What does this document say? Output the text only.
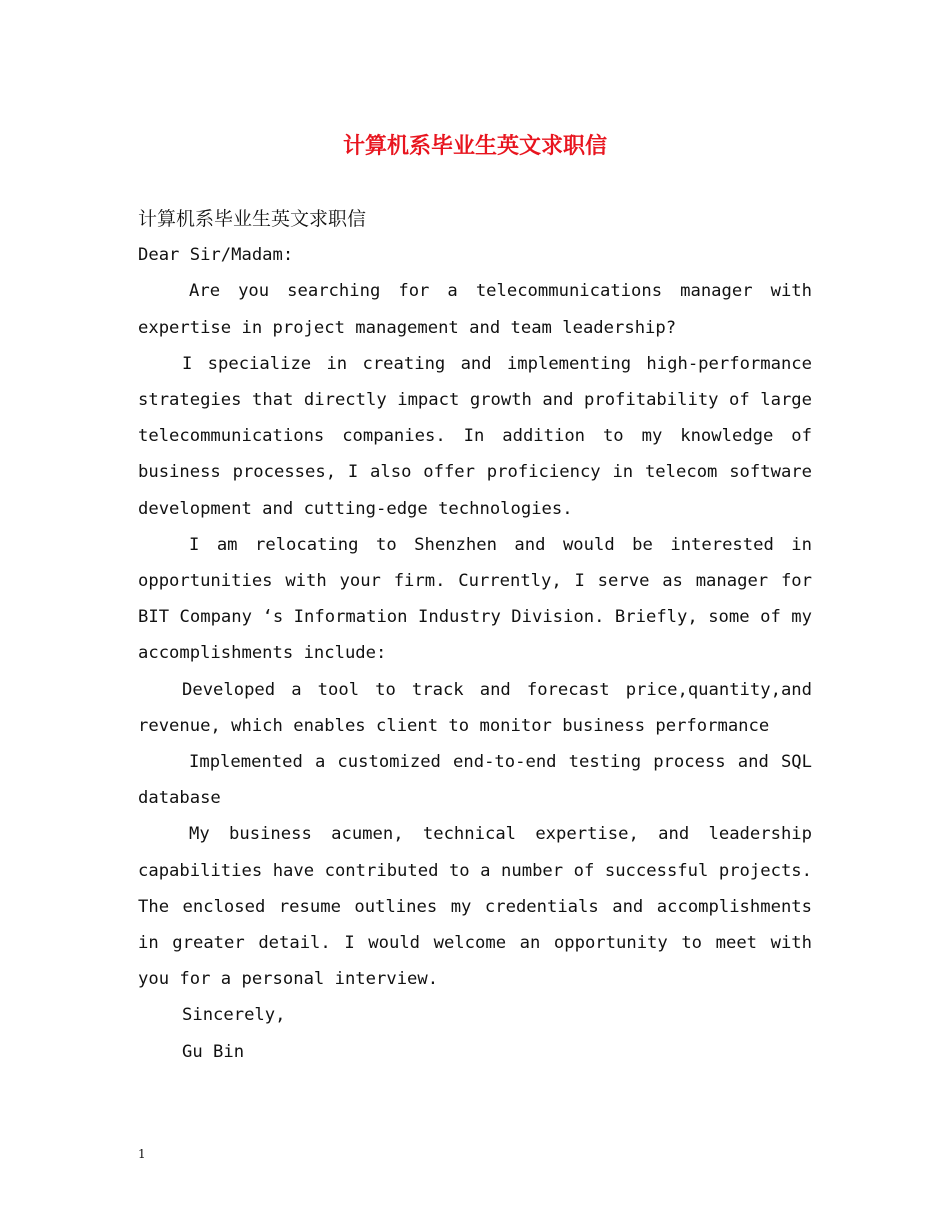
计算机系毕业生英文求职信

计算机系毕业生英文求职信

Dear Sir/Madam:

Are you searching for a telecommunications manager with expertise in project management and team leadership?

I specialize in creating and implementing high-performance strategies that directly impact growth and profitability of large telecommunications companies. In addition to my knowledge of business processes, I also offer proficiency in telecom software development and cutting-edge technologies.

I am relocating to Shenzhen and would be interested in opportunities with your firm. Currently, I serve as manager for BIT Company ‘s Information Industry Division. Briefly, some of my accomplishments include:

Developed a tool to track and forecast price,quantity,and revenue, which enables client to monitor business performance

Implemented a customized end-to-end testing process and SQL database

My business acumen, technical expertise, and leadership capabilities have contributed to a number of successful projects. The enclosed resume outlines my credentials and accomplishments in greater detail. I would welcome an opportunity to meet with you for a personal interview.

Sincerely,

Gu Bin

1
